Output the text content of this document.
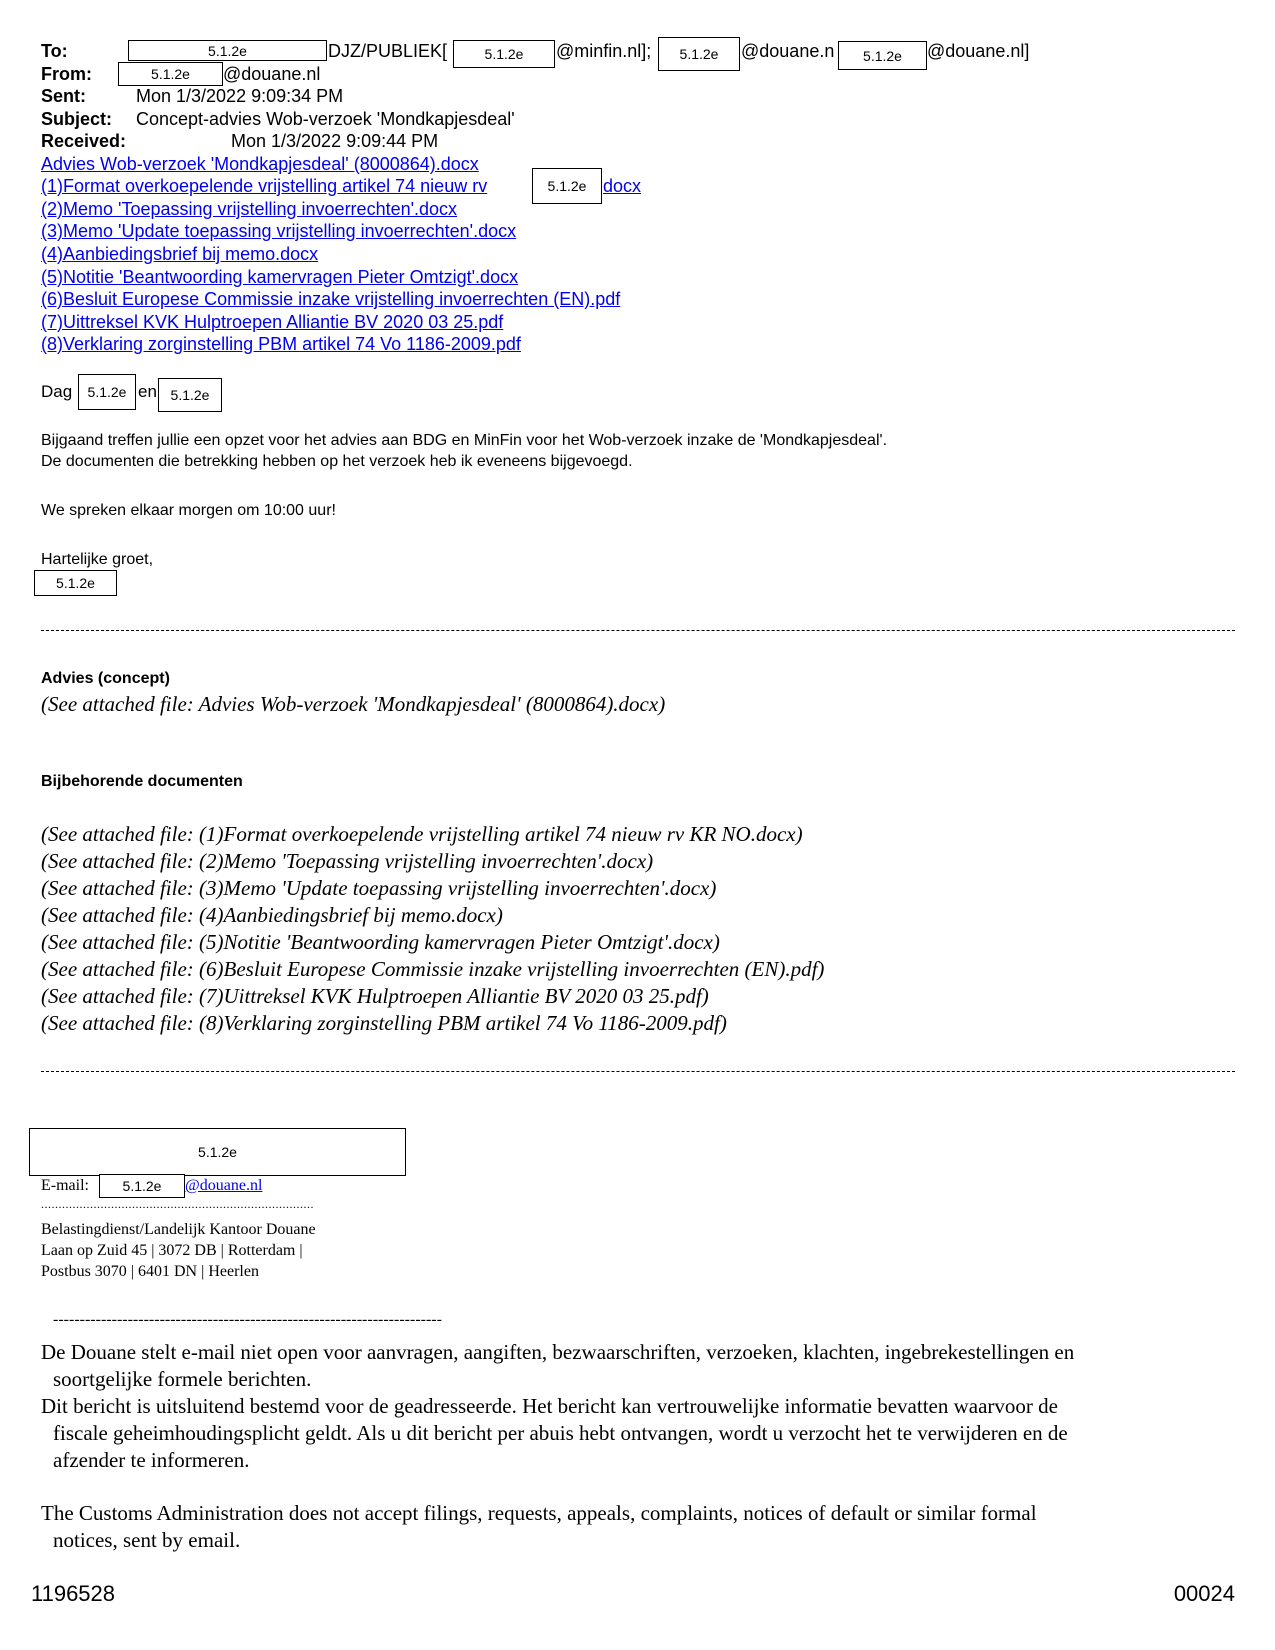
To:	5.1.2e	DJZ/PUBLIEK[	5.1.2e	@minfin.nl];	5.1.2e	@douane.n	5.1.2e	@douane.nl]
From:	5.1.2e	@douane.nl
Sent:	Mon 1/3/2022 9:09:34 PM
Subject: Concept-advies Wob-verzoek 'Mondkapjesdeal'
Received:	Mon 1/3/2022 9:09:44 PM
Advies Wob-verzoek 'Mondkapjesdeal' (8000864).docx
(1)Format overkoepelende vrijstelling artikel 74 nieuw rv	5.1.2e docx
(2)Memo 'Toepassing vrijstelling invoerrechten'.docx
(3)Memo 'Update toepassing vrijstelling invoerrechten'.docx
(4)Aanbiedingsbrief bij memo.docx
(5)Notitie 'Beantwoording kamervragen Pieter Omtzigt'.docx
(6)Besluit Europese Commissie inzake vrijstelling invoerrechten (EN).pdf
(7)Uittreksel KVK Hulptroepen Alliantie BV 2020 03 25.pdf
(8)Verklaring zorginstelling PBM artikel 74 Vo 1186-2009.pdf
Dag	5.1.2e en 5.1.2e
Bijgaand treffen jullie een opzet voor het advies aan BDG en MinFin voor het Wob-verzoek inzake de 'Mondkapjesdeal'.
De documenten die betrekking hebben op het verzoek heb ik eveneens bijgevoegd.
We spreken elkaar morgen om 10:00 uur!
Hartelijke groet,
5.1.2e
Advies (concept)
(See attached file: Advies Wob-verzoek 'Mondkapjesdeal' (8000864).docx)
Bijbehorende documenten
(See attached file: (1)Format overkoepelende vrijstelling artikel 74 nieuw rv KR NO.docx)
(See attached file: (2)Memo 'Toepassing vrijstelling invoerrechten'.docx)
(See attached file: (3)Memo 'Update toepassing vrijstelling invoerrechten'.docx)
(See attached file: (4)Aanbiedingsbrief bij memo.docx)
(See attached file: (5)Notitie 'Beantwoording kamervragen Pieter Omtzigt'.docx)
(See attached file: (6)Besluit Europese Commissie inzake vrijstelling invoerrechten (EN).pdf)
(See attached file: (7)Uittreksel KVK Hulptroepen Alliantie BV 2020 03 25.pdf)
(See attached file: (8)Verklaring zorginstelling PBM artikel 74 Vo 1186-2009.pdf)
5.1.2e
E-mail:	5.1.2e	@douane.nl
..............................................................................
Belastingdienst/Landelijk Kantoor Douane
Laan op Zuid 45 | 3072 DB | Rotterdam |
Postbus 3070 | 6401 DN | Heerlen
-------------------------------------------------------------------------
De Douane stelt e-mail niet open voor aanvragen, aangiften, bezwaarschriften, verzoeken, klachten, ingebrekestellingen en
soortgelijke formele berichten.
Dit bericht is uitsluitend bestemd voor de geadresseerde. Het bericht kan vertrouwelijke informatie bevatten waarvoor de
fiscale geheimhoudingsplicht geldt. Als u dit bericht per abuis hebt ontvangen, wordt u verzocht het te verwijderen en de
afzender te informeren.
The Customs Administration does not accept filings, requests, appeals, complaints, notices of default or similar formal
notices, sent by email.
1196528	00024
